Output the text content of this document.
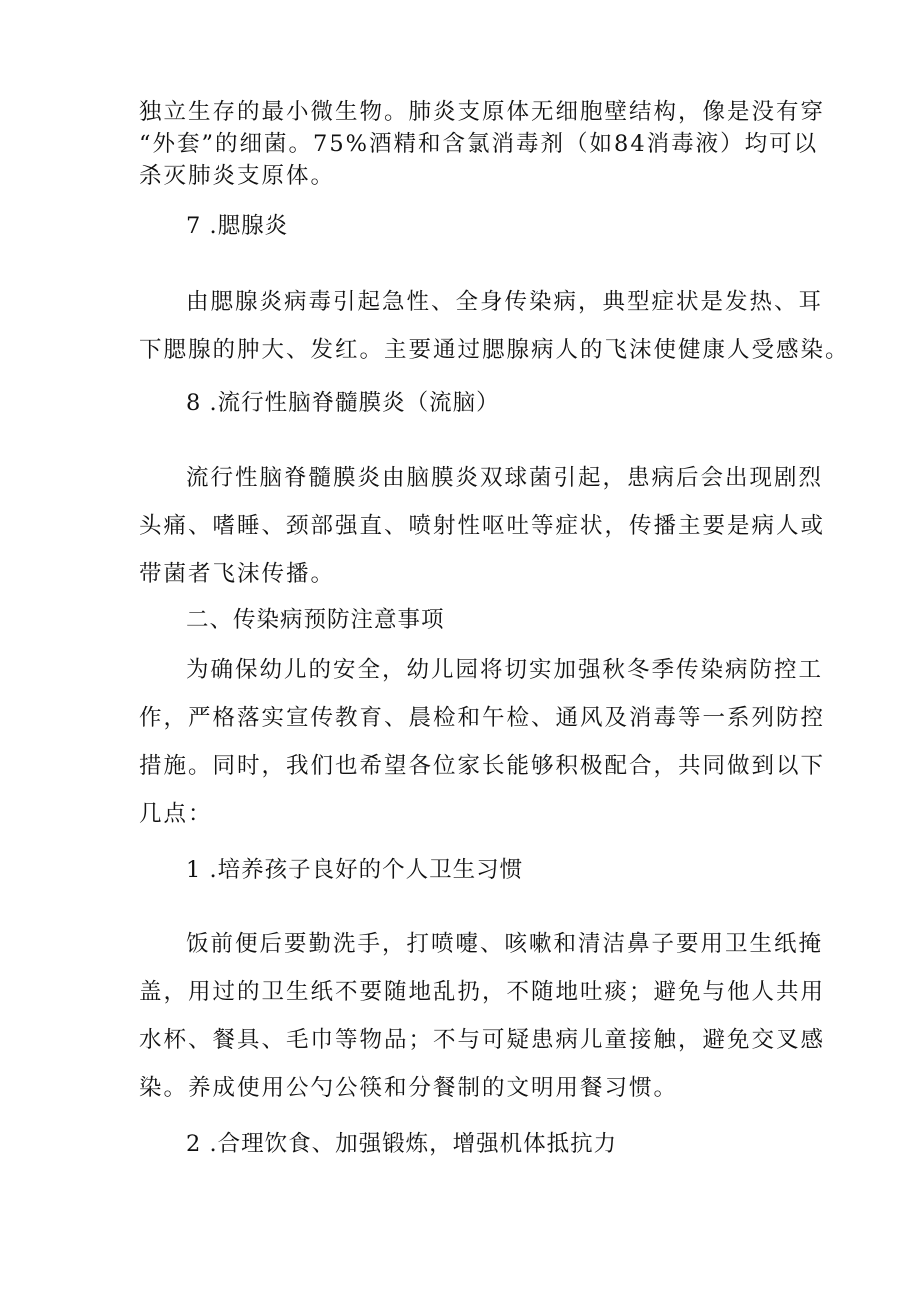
独立生存的最小微生物。肺炎支原体无细胞壁结构，像是没有穿
“外套”的细菌。75%酒精和含氯消毒剂（如84消毒液）均可以
杀灭肺炎支原体。
7 .腮腺炎
由腮腺炎病毒引起急性、全身传染病，典型症状是发热、耳
下腮腺的肿大、发红。主要通过腮腺病人的飞沫使健康人受感染。
8 .流行性脑脊髓膜炎（流脑）
流行性脑脊髓膜炎由脑膜炎双球菌引起，患病后会出现剧烈
头痛、嗜睡、颈部强直、喷射性呕吐等症状，传播主要是病人或
带菌者飞沫传播。
二、传染病预防注意事项
为确保幼儿的安全，幼儿园将切实加强秋冬季传染病防控工
作，严格落实宣传教育、晨检和午检、通风及消毒等一系列防控
措施。同时，我们也希望各位家长能够积极配合，共同做到以下
几点：
1 .培养孩子良好的个人卫生习惯
饭前便后要勤洗手，打喷嚏、咳嗽和清洁鼻子要用卫生纸掩
盖，用过的卫生纸不要随地乱扔，不随地吐痰；避免与他人共用
水杯、餐具、毛巾等物品；不与可疑患病儿童接触，避免交叉感
染。养成使用公勺公筷和分餐制的文明用餐习惯。
2 .合理饮食、加强锻炼，增强机体抵抗力
